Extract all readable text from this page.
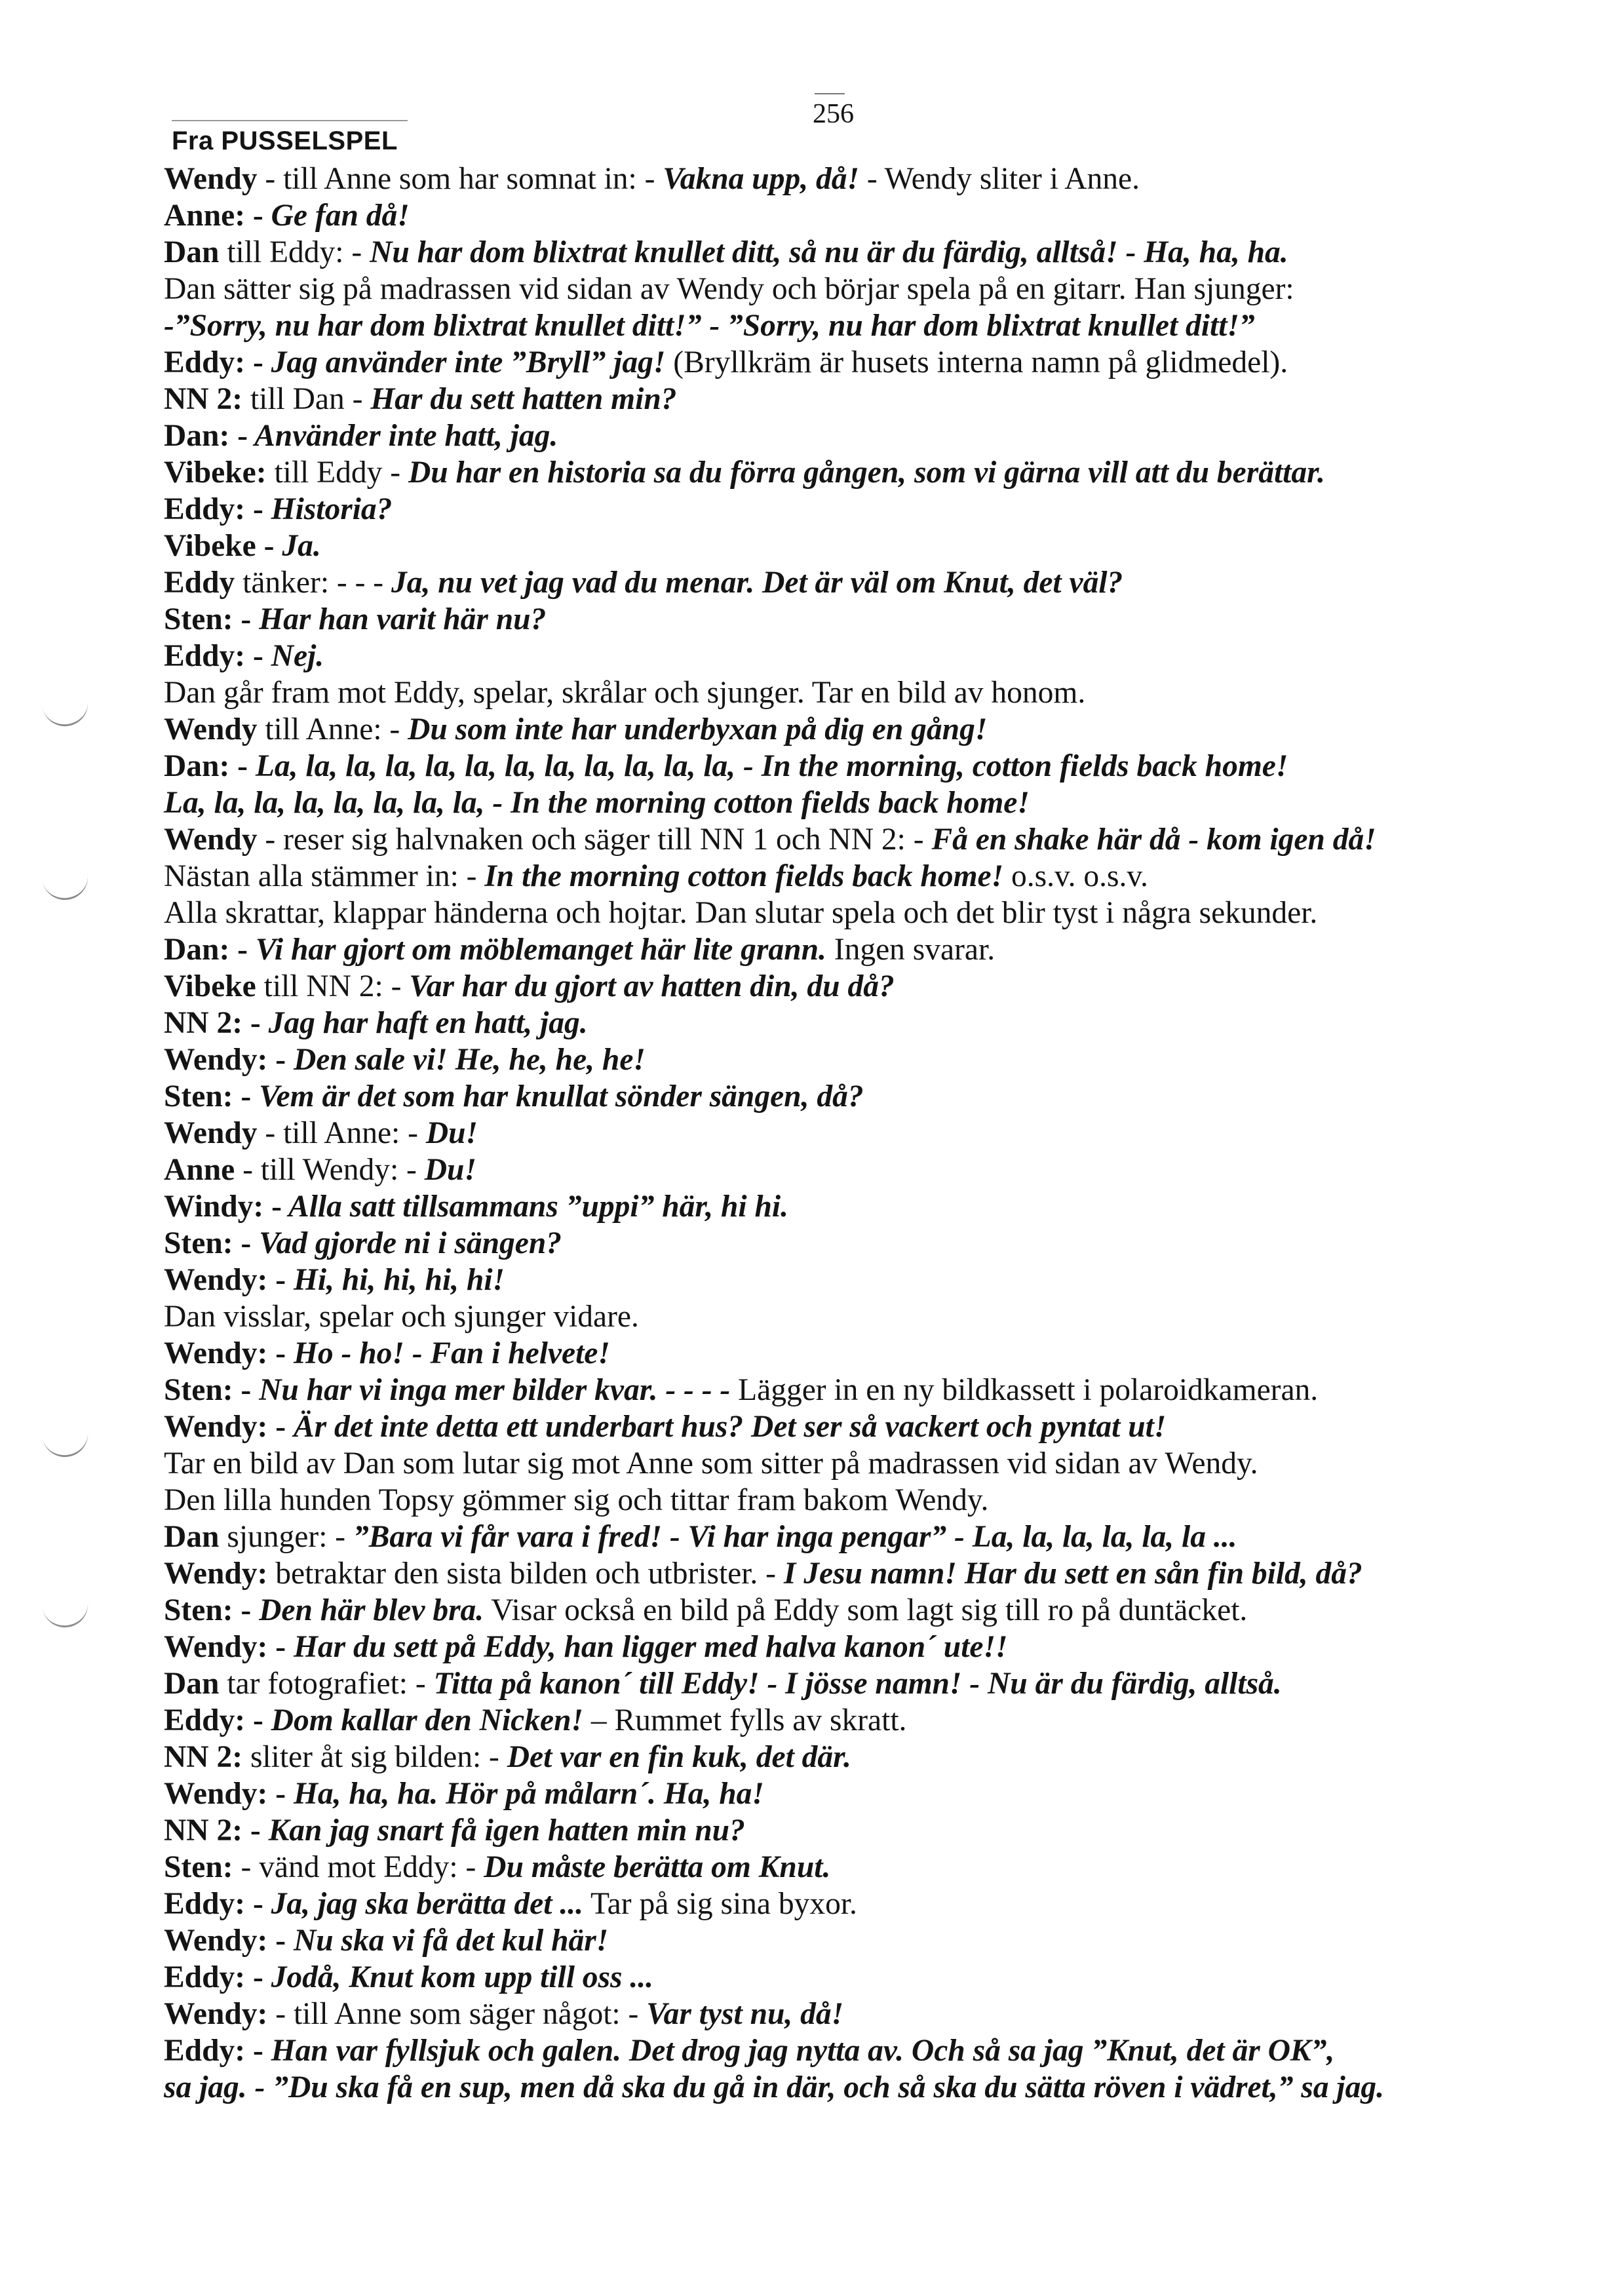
256
Fra PUSSELSPEL
Wendy - till Anne som har somnat in: - Vakna upp, då! - Wendy sliter i Anne.
Anne: - Ge fan då!
Dan till Eddy: - Nu har dom blixtrat knullet ditt, så nu är du färdig, alltså! - Ha, ha, ha.
Dan sätter sig på madrassen vid sidan av Wendy och börjar spela på en gitarr. Han sjunger:
-”Sorry, nu har dom blixtrat knullet ditt!” - ”Sorry, nu har dom blixtrat knullet ditt!”
Eddy: - Jag använder inte ”Bryll” jag! (Bryllkräm är husets interna namn på glidmedel).
NN 2: till Dan - Har du sett hatten min?
Dan: - Använder inte hatt, jag.
Vibeke: till Eddy - Du har en historia sa du förra gången, som vi gärna vill att du berättar.
Eddy: - Historia?
Vibeke - Ja.
Eddy tänker: - - - Ja, nu vet jag vad du menar. Det är väl om Knut, det väl?
Sten: - Har han varit här nu?
Eddy: - Nej.
Dan går fram mot Eddy, spelar, skrålar och sjunger. Tar en bild av honom.
Wendy till Anne: - Du som inte har underbyxan på dig en gång!
Dan: - La, la, la, la, la, la, la, la, la, la, la, la, - In the morning, cotton fields back home!
La, la, la, la, la, la, la, la, - In the morning cotton fields back home!
Wendy - reser sig halvnaken och säger till NN 1 och NN 2: - Få en shake här då - kom igen då!
Nästan alla stämmer in: - In the morning cotton fields back home! o.s.v. o.s.v.
Alla skrattar, klappar händerna och hojtar. Dan slutar spela och det blir tyst i några sekunder.
Dan: - Vi har gjort om möblemanget här lite grann. Ingen svarar.
Vibeke till NN 2: - Var har du gjort av hatten din, du då?
NN 2: - Jag har haft en hatt, jag.
Wendy: - Den sale vi! He, he, he, he!
Sten: - Vem är det som har knullat sönder sängen, då?
Wendy - till Anne: - Du!
Anne - till Wendy: - Du!
Windy: - Alla satt tillsammans ”uppi” här, hi hi.
Sten: - Vad gjorde ni i sängen?
Wendy: - Hi, hi, hi, hi, hi!
Dan visslar, spelar och sjunger vidare.
Wendy: - Ho - ho! - Fan i helvete!
Sten: - Nu har vi inga mer bilder kvar. - - - - Lägger in en ny bildkassett i polaroidkameran.
Wendy: - Är det inte detta ett underbart hus? Det ser så vackert och pyntat ut!
Tar en bild av Dan som lutar sig mot Anne som sitter på madrassen vid sidan av Wendy.
Den lilla hunden Topsy gömmer sig och tittar fram bakom Wendy.
Dan sjunger: - ”Bara vi får vara i fred! - Vi har inga pengar” - La, la, la, la, la, la ...
Wendy: betraktar den sista bilden och utbrister. - I Jesu namn! Har du sett en sån fin bild, då?
Sten: - Den här blev bra. Visar också en bild på Eddy som lagt sig till ro på duntäcket.
Wendy: - Har du sett på Eddy, han ligger med halva kanon´ ute!!
Dan tar fotografiet: - Titta på kanon´ till Eddy! - I jösse namn! - Nu är du färdig, alltså.
Eddy: - Dom kallar den Nicken! – Rummet fylls av skratt.
NN 2: sliter åt sig bilden: - Det var en fin kuk, det där.
Wendy: - Ha, ha, ha. Hör på målarn´. Ha, ha!
NN 2: - Kan jag snart få igen hatten min nu?
Sten: - vänd mot Eddy: - Du måste berätta om Knut.
Eddy: - Ja, jag ska berätta det ... Tar på sig sina byxor.
Wendy: - Nu ska vi få det kul här!
Eddy: - Jodå, Knut kom upp till oss ...
Wendy: - till Anne som säger något: - Var tyst nu, då!
Eddy: - Han var fyllsjuk och galen. Det drog jag nytta av. Och så sa jag ”Knut, det är OK”,
sa jag. - ”Du ska få en sup, men då ska du gå in där, och så ska du sätta röven i vädret,” sa jag.
